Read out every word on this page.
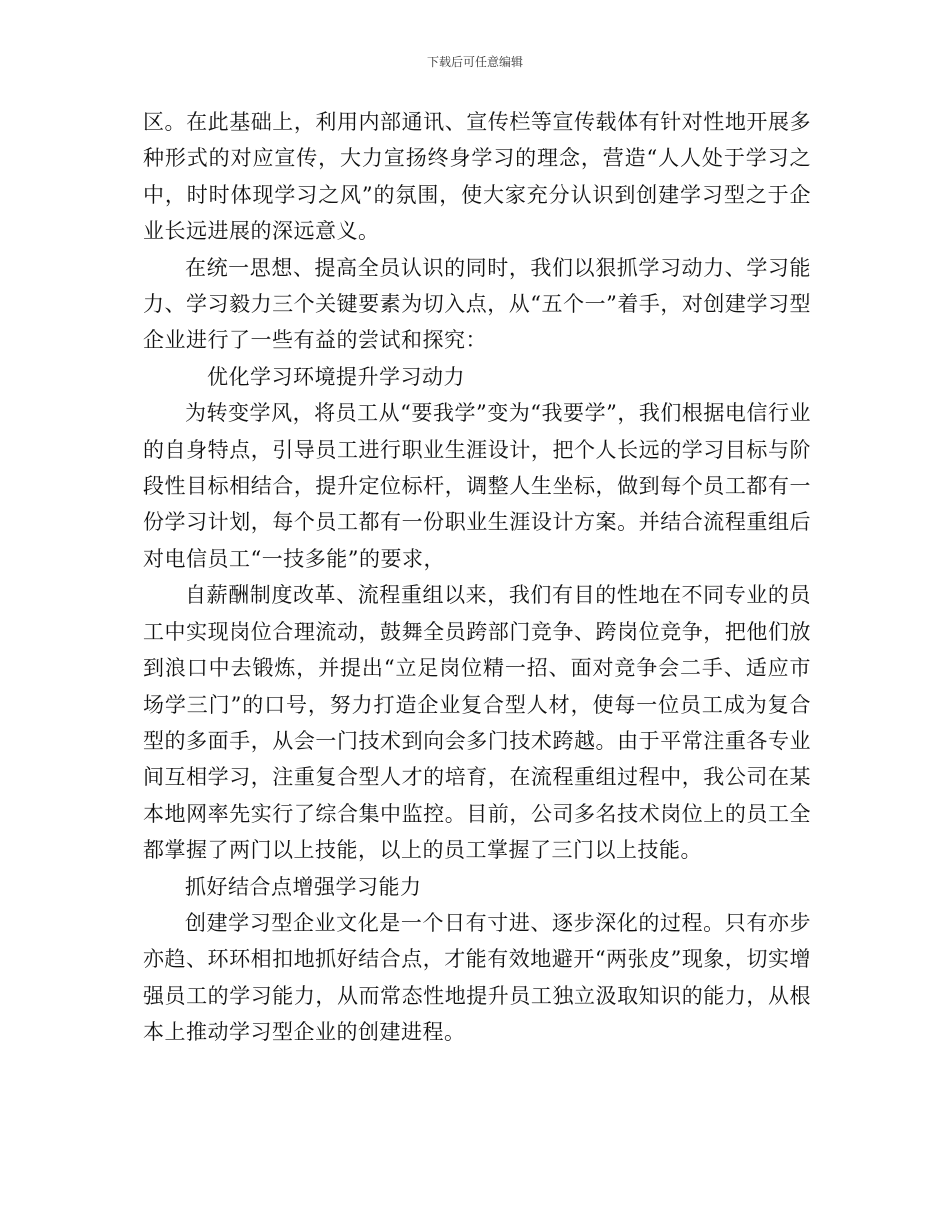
下载后可任意编辑

区。在此基础上，利用内部通讯、宣传栏等宣传载体有针对性地开展多种形式的对应宣传，大力宣扬终身学习的理念，营造“人人处于学习之中，时时体现学习之风”的氛围，使大家充分认识到创建学习型之于企业长远进展的深远意义。

在统一思想、提高全员认识的同时，我们以狠抓学习动力、学习能力、学习毅力三个关键要素为切入点，从“五个一”着手，对创建学习型企业进行了一些有益的尝试和探究：

优化学习环境提升学习动力

为转变学风，将员工从“要我学”变为“我要学”，我们根据电信行业的自身特点，引导员工进行职业生涯设计，把个人长远的学习目标与阶段性目标相结合，提升定位标杆，调整人生坐标，做到每个员工都有一份学习计划，每个员工都有一份职业生涯设计方案。并结合流程重组后对电信员工“一技多能”的要求，

自薪酬制度改革、流程重组以来，我们有目的性地在不同专业的员工中实现岗位合理流动，鼓舞全员跨部门竞争、跨岗位竞争，把他们放到浪口中去锻炼，并提出“立足岗位精一招、面对竞争会二手、适应市场学三门”的口号，努力打造企业复合型人材，使每一位员工成为复合型的多面手，从会一门技术到向会多门技术跨越。由于平常注重各专业间互相学习，注重复合型人才的培育，在流程重组过程中，我公司在某本地网率先实行了综合集中监控。目前，公司多名技术岗位上的员工全都掌握了两门以上技能，以上的员工掌握了三门以上技能。

抓好结合点增强学习能力

创建学习型企业文化是一个日有寸进、逐步深化的过程。只有亦步亦趋、环环相扣地抓好结合点，才能有效地避开“两张皮”现象，切实增强员工的学习能力，从而常态性地提升员工独立汲取知识的能力，从根本上推动学习型企业的创建进程。
